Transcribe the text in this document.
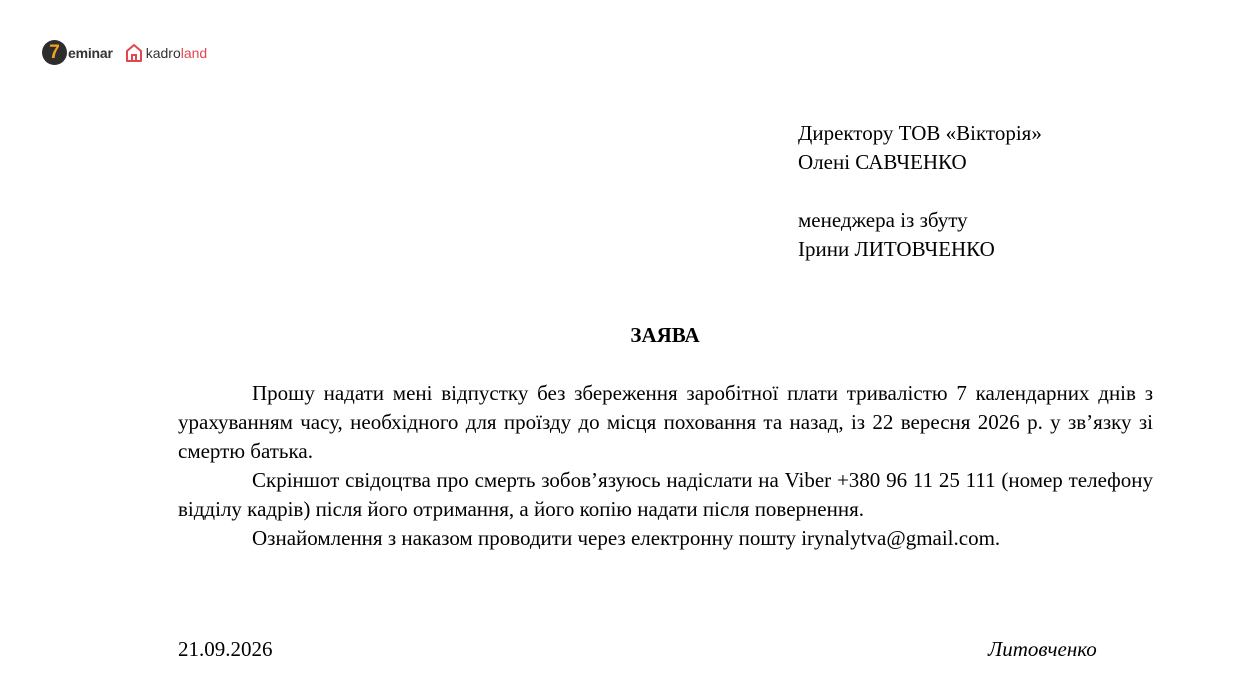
7 eminar kadroland
Директору ТОВ «Вікторія»
Олені САВЧЕНКО
менеджера із збуту
Ірини ЛИТОВЧЕНКО
ЗАЯВА

Прошу надати мені відпустку без збереження заробітної плати тривалістю 7 календарних днів з урахуванням часу, необхідного для проїзду до місця поховання та назад, із 22 вересня 2026 р. у зв’язку зі смертю батька.

Скріншот свідоцтва про смерть зобов’язуюсь надіслати на Viber +380 96 11 25 111 (номер телефону відділу кадрів) після його отримання, а його копію надати після повернення.

Ознайомлення з наказом проводити через електронну пошту irynalytva@gmail.com.

21.09.2026	Литовченко
